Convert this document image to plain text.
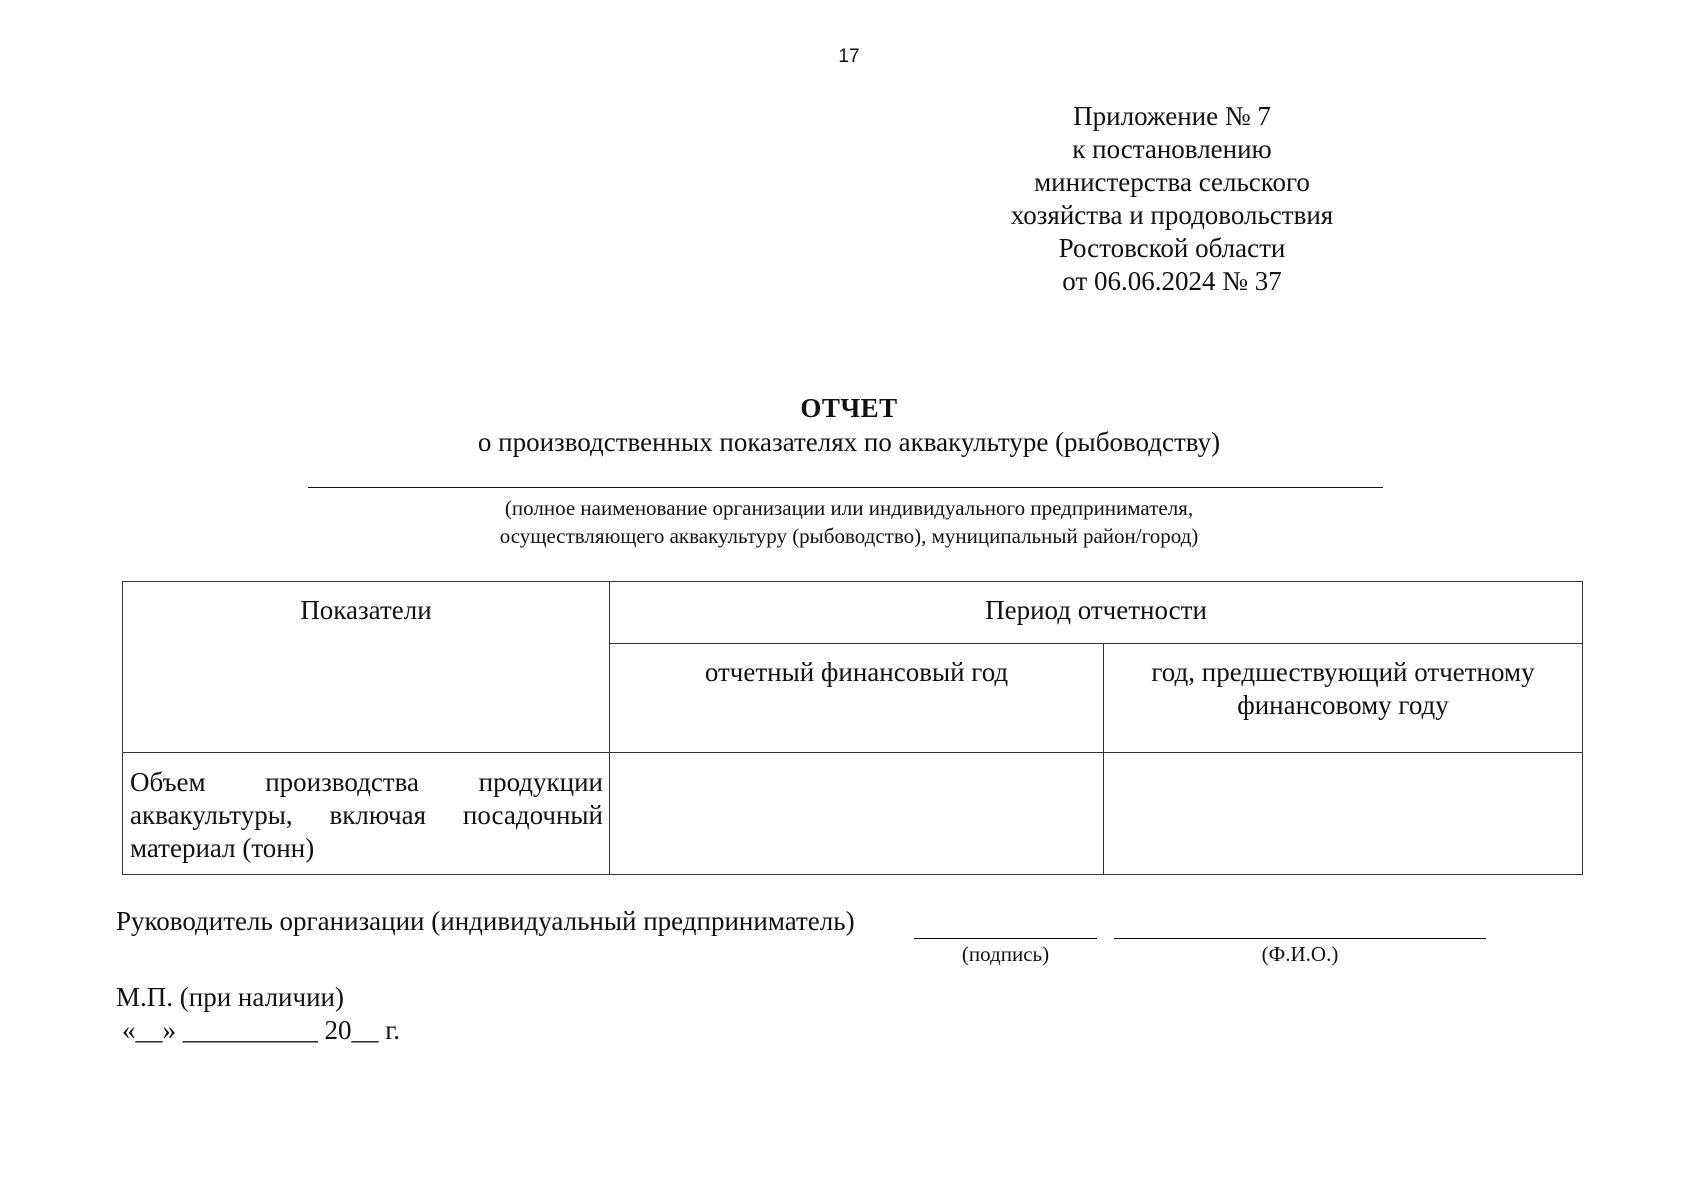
17
Приложение № 7
к постановлению
министерства сельского
хозяйства и продовольствия
Ростовской области
от 06.06.2024 № 37
ОТЧЕТ
о производственных показателях по аквакультуре (рыбоводству)
(полное наименование организации или индивидуального предпринимателя,
осуществляющего аквакультуру (рыбоводство), муниципальный район/город)
Показатели	Период отчетности	
	отчетный финансовый год	год, предшествующий отчетному финансовому году
Объем производства продукции аквакультуры, включая посадочный материал (тонн)		
Руководитель организации (индивидуальный предприниматель)
(подпись)	(Ф.И.О.)
М.П. (при наличии)
«__» __________ 20__ г.
